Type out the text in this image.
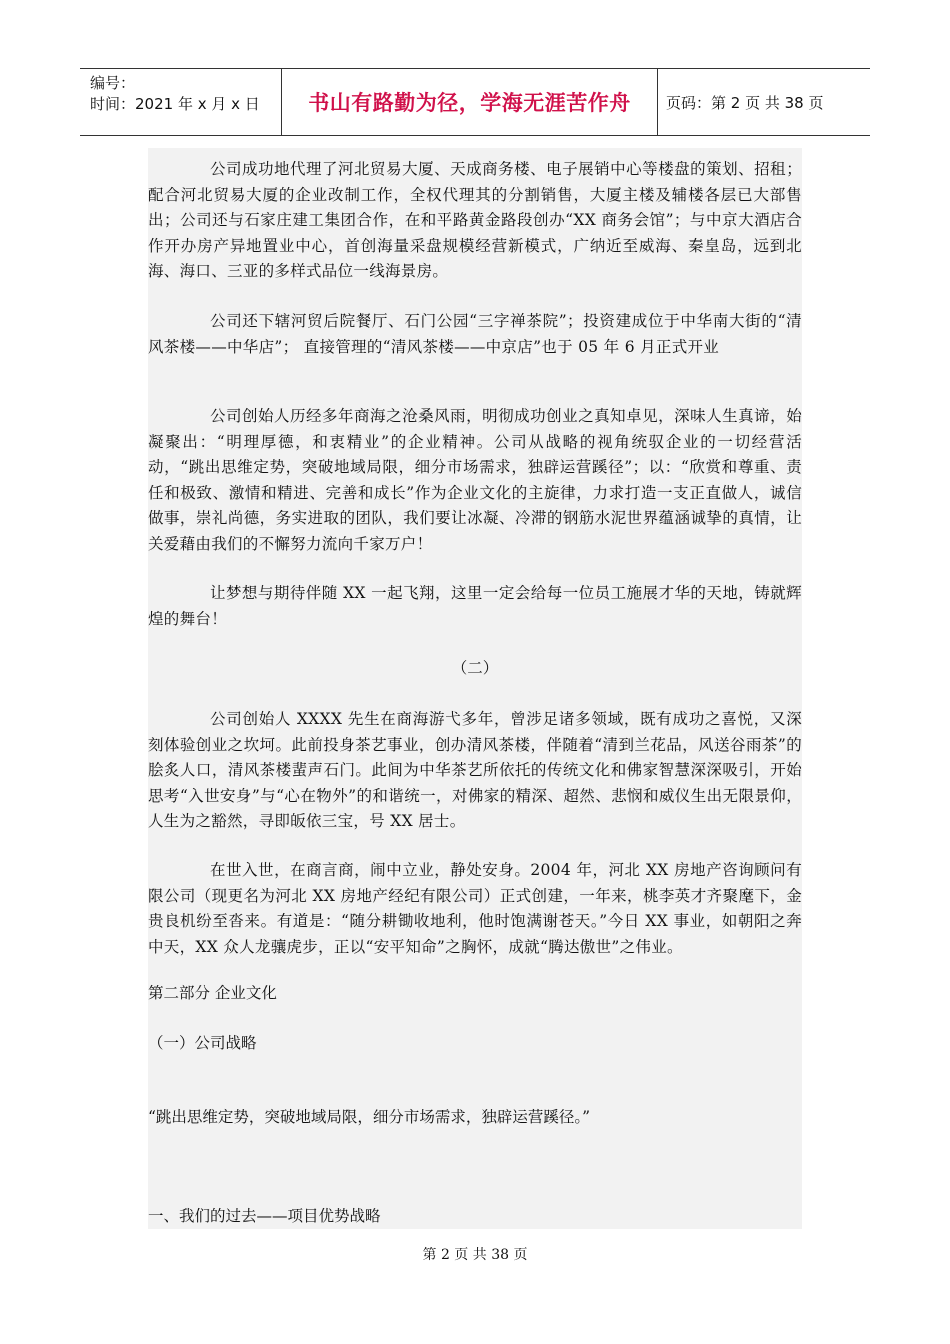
编号：
时间：2021 年 x 月 x 日	书山有路勤为径，学海无涯苦作舟 页码：第 2 页 共 38 页

公司成功地代理了河北贸易大厦、天成商务楼、电子展销中心等楼盘的策划、招租；配合河北贸易大厦的企业改制工作，全权代理其的分割销售，大厦主楼及辅楼各层已大部售出；公司还与石家庄建工集团合作，在和平路黄金路段创办“XX 商务会馆”；与中京大酒店合作开办房产异地置业中心，首创海量采盘规模经营新模式，广纳近至威海、秦皇岛，远到北海、海口、三亚的多样式品位一线海景房。

公司还下辖河贸后院餐厅、石门公园“三字禅茶院”；投资建成位于中华南大街的“清风茶楼——中华店”； 直接管理的“清风茶楼——中京店”也于 05 年 6 月正式开业

公司创始人历经多年商海之沧桑风雨，明彻成功创业之真知卓见，深味人生真谛，始凝聚出：“明理厚德，和衷精业”的企业精神。公司从战略的视角统驭企业的一切经营活动，“跳出思维定势，突破地域局限，细分市场需求，独辟运营蹊径”；以：“欣赏和尊重、责任和极致、激情和精进、完善和成长”作为企业文化的主旋律，力求打造一支正直做人，诚信做事，崇礼尚德，务实进取的团队，我们要让冰凝、冷滞的钢筋水泥世界蕴涵诚挚的真情，让关爱藉由我们的不懈努力流向千家万户！

让梦想与期待伴随 XX 一起飞翔，这里一定会给每一位员工施展才华的天地，铸就辉煌的舞台！

（二）

公司创始人 XXXX 先生在商海游弋多年，曾涉足诸多领域，既有成功之喜悦，又深刻体验创业之坎坷。此前投身茶艺事业，创办清风茶楼，伴随着“清到兰花品，风送谷雨茶”的脍炙人口，清风茶楼蜚声石门。此间为中华茶艺所依托的传统文化和佛家智慧深深吸引，开始思考“入世安身”与“心在物外”的和谐统一，对佛家的精深、超然、悲悯和威仪生出无限景仰，人生为之豁然，寻即皈依三宝，号 XX 居士。

在世入世，在商言商，闹中立业，静处安身。2004 年，河北 XX 房地产咨询顾问有限公司（现更名为河北 XX 房地产经纪有限公司）正式创建，一年来，桃李英才齐聚麾下，金贵良机纷至沓来。有道是：“随分耕锄收地利，他时饱满谢苍天。”今日 XX 事业，如朝阳之奔中天，XX 众人龙骧虎步，正以“安平知命”之胸怀，成就“腾达傲世”之伟业。

第二部分 企业文化

（一）公司战略

“跳出思维定势，突破地域局限，细分市场需求，独辟运营蹊径。”

一、我们的过去——项目优势战略

第 2 页 共 38 页
